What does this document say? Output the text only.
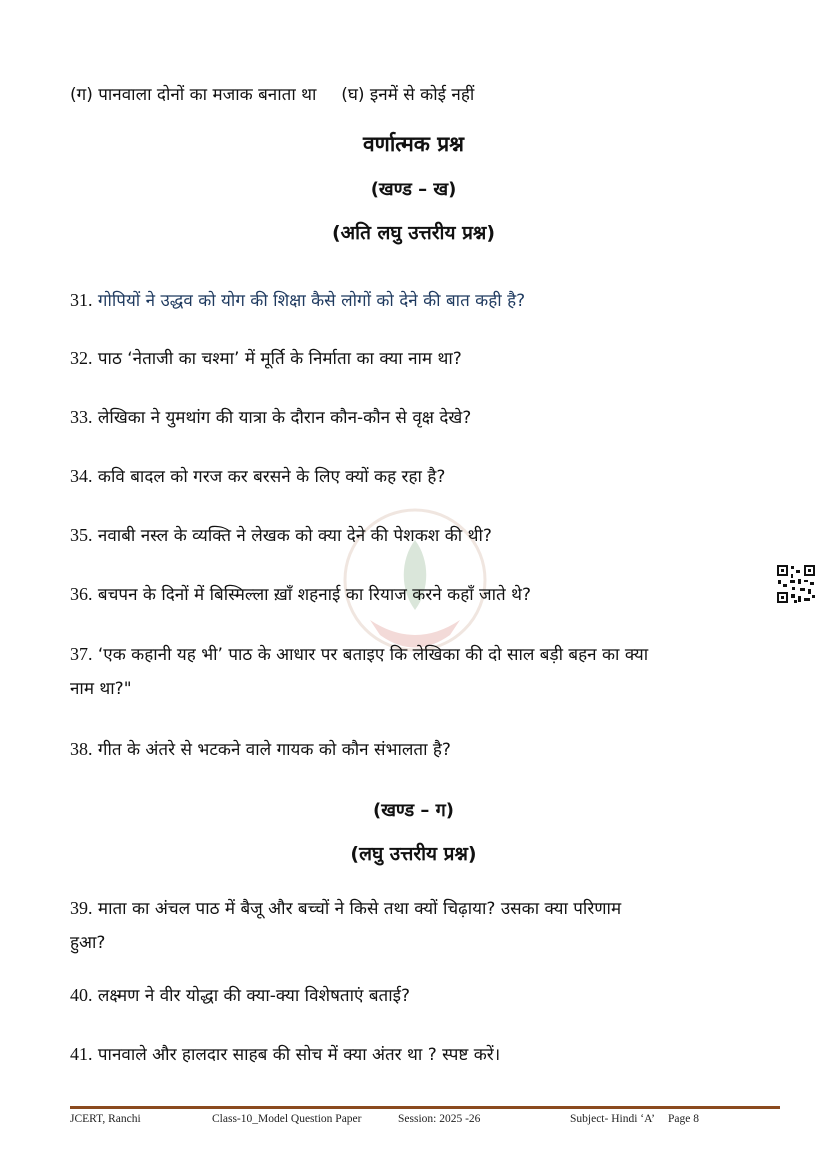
(ग) पानवाला दोनों का मजाक बनाता था (घ) इनमें से कोई नहीं
वर्णात्मक प्रश्न
(खण्ड – ख)
(अति लघु उत्तरीय प्रश्न)
31. गोपियों ने उद्धव को योग की शिक्षा कैसे लोगों को देने की बात कही है?
32. पाठ ‘नेताजी का चश्मा’ में मूर्ति के निर्माता का क्या नाम था?
33. लेखिका ने युमथांग की यात्रा के दौरान कौन-कौन से वृक्ष देखे?
34. कवि बादल को गरज कर बरसने के लिए क्यों कह रहा है?
35. नवाबी नस्ल के व्यक्ति ने लेखक को क्या देने की पेशकश की थी?
36. बचपन के दिनों में बिस्मिल्ला ख़ाँ शहनाई का रियाज करने कहाँ जाते थे?
37. ‘एक कहानी यह भी’ पाठ के आधार पर बताइए कि लेखिका की दो साल बड़ी बहन का क्या
नाम था?"
38. गीत के अंतरे से भटकने वाले गायक को कौन संभालता है?
(खण्ड – ग)
(लघु उत्तरीय प्रश्न)
39. माता का अंचल पाठ में बैजू और बच्चों ने किसे तथा क्यों चिढ़ाया? उसका क्या परिणाम
हुआ?
40. लक्ष्मण ने वीर योद्धा की क्या-क्या विशेषताएं बताई?
41. पानवाले और हालदार साहब की सोच में क्या अंतर था ? स्पष्ट करें।
JCERT, Ranchi	Class-10_Model Question Paper	Session: 2025 -26	Subject- Hindi ‘A’ Page 8
